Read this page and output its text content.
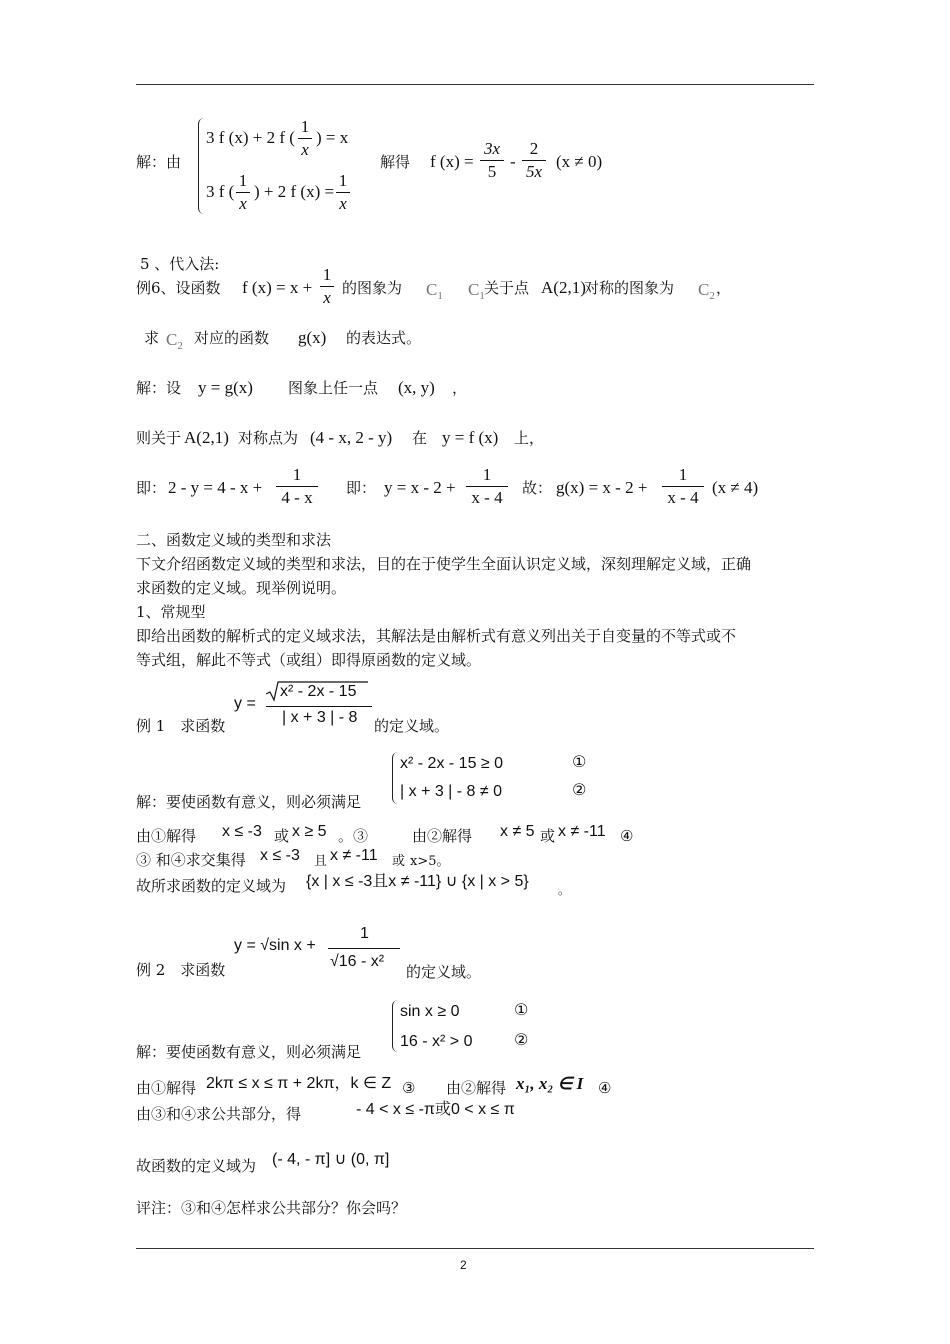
2
解：由
3 f (x) + 2 f (
1
x
) = x
3 f (
1
x
) + 2 f (x) =
1
x
解得 f (x) =
3x
5
-
2
5x
(x ≠ 0)
5 、代入法:
例6、设函数 f (x) = x +
1
x 的图象为 $C_1$ $C_1$ 关于点 A(2,1)
对称的图象为 $C_2$ ，
求 $C_2$ 对应的函数 g(x) 的表达式。
解：设 y = g(x) 图象上任一点 (x, y) ，
则关于 A(2,1) 对称点为 (4 - x, 2 - y) 在 y = f (x) 上，
即： 2 - y = 4 - x +
1
4 - x	即： y = x - 2 +
1
x - 4	故： g(x) = x - 2 +
1
x - 4
(x ≠ 4)
二、函数定义域的类型和求法
下文介绍函数定义域的类型和求法，目的在于使学生全面认识定义域，深刻理解定义域，正确
求函数的定义域。现举例说明。
1、常规型
即给出函数的解析式的定义域求法，其解法是由解析式有意义列出关于自变量的不等式或不
等式组，解此不等式（或组）即得原函数的定义域。
y =
x² - 2x - 15
| x + 3 | - 8
例 1　求函数	的定义域。
x² - 2x - 15 ≥ 0	①
| x + 3 | - 8 ≠ 0	②
解：要使函数有意义，则必须满足
由①解得 x ≤ -3 或 x ≥ 5 。③	由②解得 x ≠ 5 或 x ≠ -11 ④
③ 和④求交集得 x ≤ -3 且 x ≠ -11 或 x>5。
故所求函数的定义域为 {x | x ≤ -3且x ≠ -11} ∪ {x | x > 5} 。
y = √sin x +
1
√16 - x²
例 2　求函数	的定义域。
sin x ≥ 0	①
16 - x² > 0	②
解：要使函数有意义，则必须满足
由①解得 2kπ ≤ x ≤ π + 2kπ，k ∈ Z ③ 由②解得 x₁, x₂ ∈ I ④
由③和④求公共部分，得	- 4 < x ≤ -π或0 < x ≤ π
故函数的定义域为 (- 4, - π] ∪ (0, π]
评注：③和④怎样求公共部分？你会吗？
